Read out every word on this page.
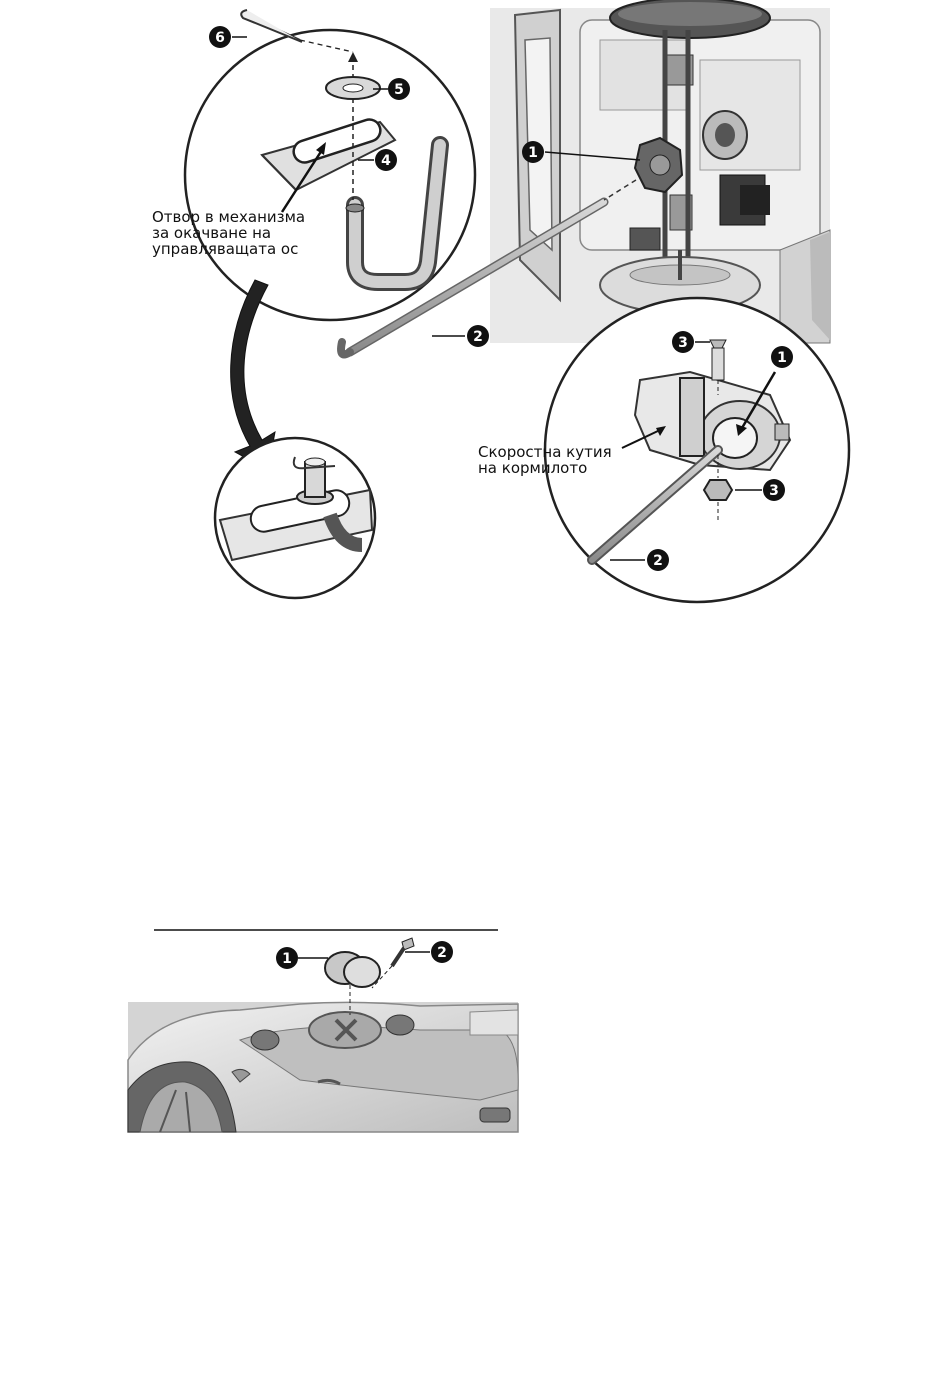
6
5
4	1
2	3
1
3
2
1	2
Отвор в механизма
за окачване на
управляващата ос
Скоростна кутия
на кормилото
